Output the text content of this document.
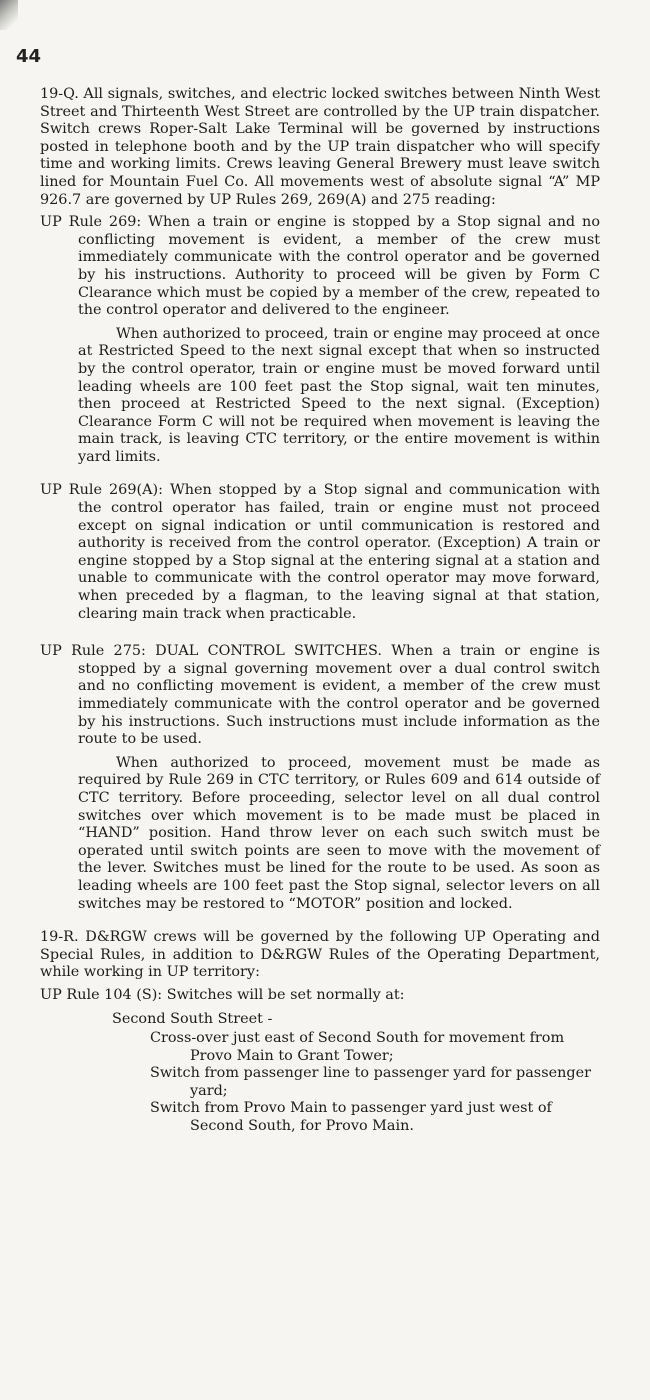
44

19-Q. All signals, switches, and electric locked switches between Ninth West Street and Thirteenth West Street are controlled by the UP train dispatcher. Switch crews Roper-Salt Lake Terminal will be governed by instructions posted in telephone booth and by the UP train dispatcher who will specify time and working limits. Crews leaving General Brewery must leave switch lined for Mountain Fuel Co. All movements west of absolute signal “A” MP 926.7 are governed by UP Rules 269, 269(A) and 275 reading:

UP Rule 269: When a train or engine is stopped by a Stop signal and no conflicting movement is evident, a member of the crew must immediately communicate with the control operator and be governed by his instructions. Authority to proceed will be given by Form C Clearance which must be copied by a member of the crew, repeated to the control operator and delivered to the engineer.

When authorized to proceed, train or engine may proceed at once at Restricted Speed to the next signal except that when so instructed by the control operator, train or engine must be moved forward until leading wheels are 100 feet past the Stop signal, wait ten minutes, then proceed at Restricted Speed to the next signal. (Exception) Clearance Form C will not be required when movement is leaving the main track, is leaving CTC territory, or the entire movement is within yard limits.

UP Rule 269(A): When stopped by a Stop signal and communication with the control operator has failed, train or engine must not proceed except on signal indication or until communication is restored and authority is received from the control operator. (Exception) A train or engine stopped by a Stop signal at the entering signal at a station and unable to communicate with the control operator may move forward, when preceded by a flagman, to the leaving signal at that station, clearing main track when practicable.

UP Rule 275: DUAL CONTROL SWITCHES. When a train or engine is stopped by a signal governing movement over a dual control switch and no conflicting movement is evident, a member of the crew must immediately communicate with the control operator and be governed by his instructions. Such instructions must include information as the route to be used.

When authorized to proceed, movement must be made as required by Rule 269 in CTC territory, or Rules 609 and 614 outside of CTC territory. Before proceeding, selector level on all dual control switches over which movement is to be made must be placed in “HAND” position. Hand throw lever on each such switch must be operated until switch points are seen to move with the movement of the lever. Switches must be lined for the route to be used. As soon as leading wheels are 100 feet past the Stop signal, selector levers on all switches may be restored to “MOTOR” position and locked.

19-R. D&RGW crews will be governed by the following UP Operating and Special Rules, in addition to D&RGW Rules of the Operating Department, while working in UP territory:

UP Rule 104 (S): Switches will be set normally at:

Second South Street -

Cross-over just east of Second South for movement from Provo Main to Grant Tower;

Switch from passenger line to passenger yard for passenger yard;

Switch from Provo Main to passenger yard just west of Second South, for Provo Main.
